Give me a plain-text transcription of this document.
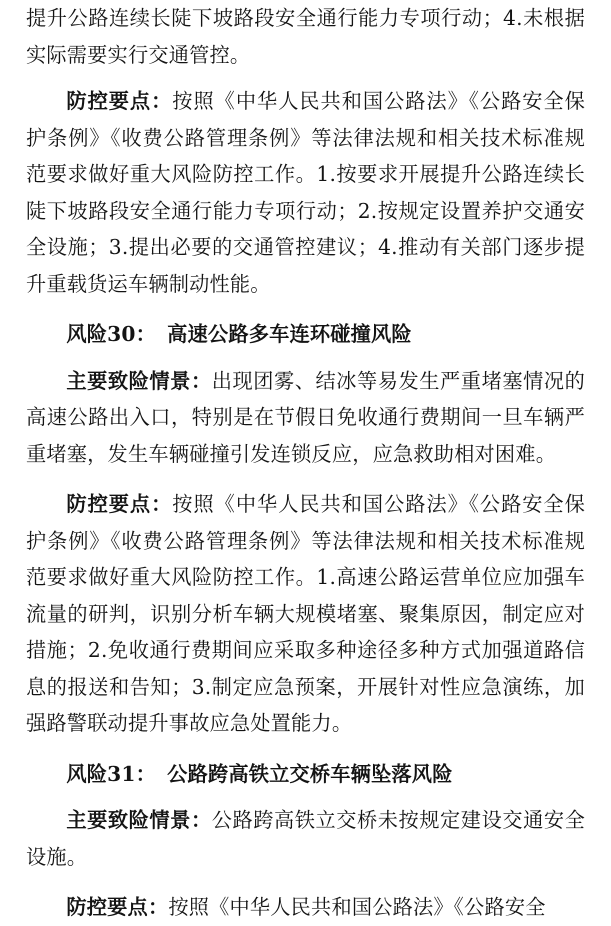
提升公路连续长陡下坡路段安全通行能力专项行动；4.未根据实际需要实行交通管控。

防控要点：按照《中华人民共和国公路法》《公路安全保护条例》《收费公路管理条例》等法律法规和相关技术标准规范要求做好重大风险防控工作。1.按要求开展提升公路连续长陡下坡路段安全通行能力专项行动；2.按规定设置养护交通安全设施；3.提出必要的交通管控建议；4.推动有关部门逐步提升重载货运车辆制动性能。

风险30： 高速公路多车连环碰撞风险

主要致险情景：出现团雾、结冰等易发生严重堵塞情况的高速公路出入口，特别是在节假日免收通行费期间一旦车辆严重堵塞，发生车辆碰撞引发连锁反应，应急救助相对困难。

防控要点：按照《中华人民共和国公路法》《公路安全保护条例》《收费公路管理条例》等法律法规和相关技术标准规范要求做好重大风险防控工作。1.高速公路运营单位应加强车流量的研判，识别分析车辆大规模堵塞、聚集原因，制定应对措施；2.免收通行费期间应采取多种途径多种方式加强道路信息的报送和告知；3.制定应急预案，开展针对性应急演练，加强路警联动提升事故应急处置能力。

风险31： 公路跨高铁立交桥车辆坠落风险

主要致险情景：公路跨高铁立交桥未按规定建设交通安全设施。

防控要点：按照《中华人民共和国公路法》《公路安全
